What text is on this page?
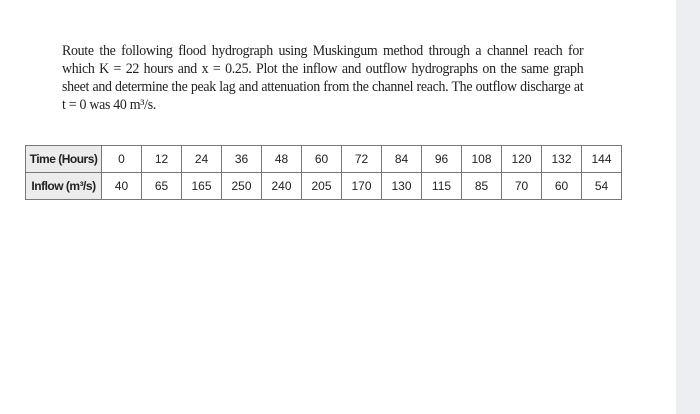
Route the following flood hydrograph using Muskingum method through a channel reach for which K = 22 hours and x = 0.25. Plot the inflow and outflow hydrographs on the same graph sheet and determine the peak lag and attenuation from the channel reach. The outflow discharge at t = 0 was 40 m³/s.
Time (Hours)	0	12	24	36	48	60	72	84	96	108	120	132	144
Inflow (m³/s)	40	65	165	250	240	205	170	130	115	85	70	60	54
